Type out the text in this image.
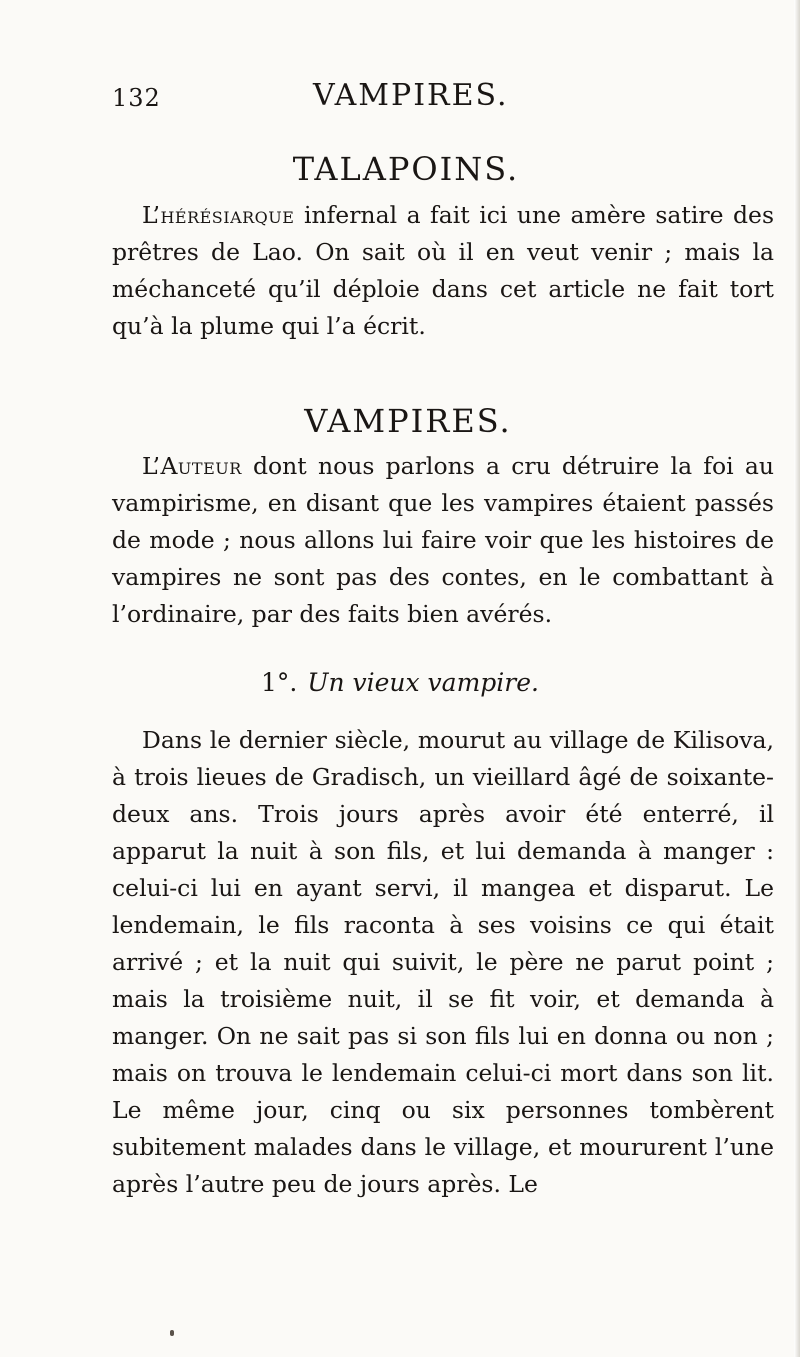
132	VAMPIRES.
TALAPOINS.

L’hérésiarque infernal a fait ici une amère satire des prêtres de Lao. On sait où il en veut venir ; mais la méchanceté qu’il déploie dans cet article ne fait tort qu’à la plume qui l’a écrit.

VAMPIRES.

L’Auteur dont nous parlons a cru détruire la foi au vampirisme, en disant que les vampires étaient passés de mode ; nous allons lui faire voir que les histoires de vampires ne sont pas des contes, en le combattant à l’ordinaire, par des faits bien avérés.

1°. Un vieux vampire.

Dans le dernier siècle, mourut au village de Kilisova, à trois lieues de Gradisch, un vieillard âgé de soixante-deux ans. Trois jours après avoir été enterré, il apparut la nuit à son fils, et lui demanda à manger : celui-ci lui en ayant servi, il mangea et disparut. Le lendemain, le fils raconta à ses voisins ce qui était arrivé ; et la nuit qui suivit, le père ne parut point ; mais la troisième nuit, il se fit voir, et demanda à manger. On ne sait pas si son fils lui en donna ou non ; mais on trouva le lendemain celui-ci mort dans son lit. Le même jour, cinq ou six personnes tombèrent subitement malades dans le village, et moururent l’une après l’autre peu de jours après. Le
